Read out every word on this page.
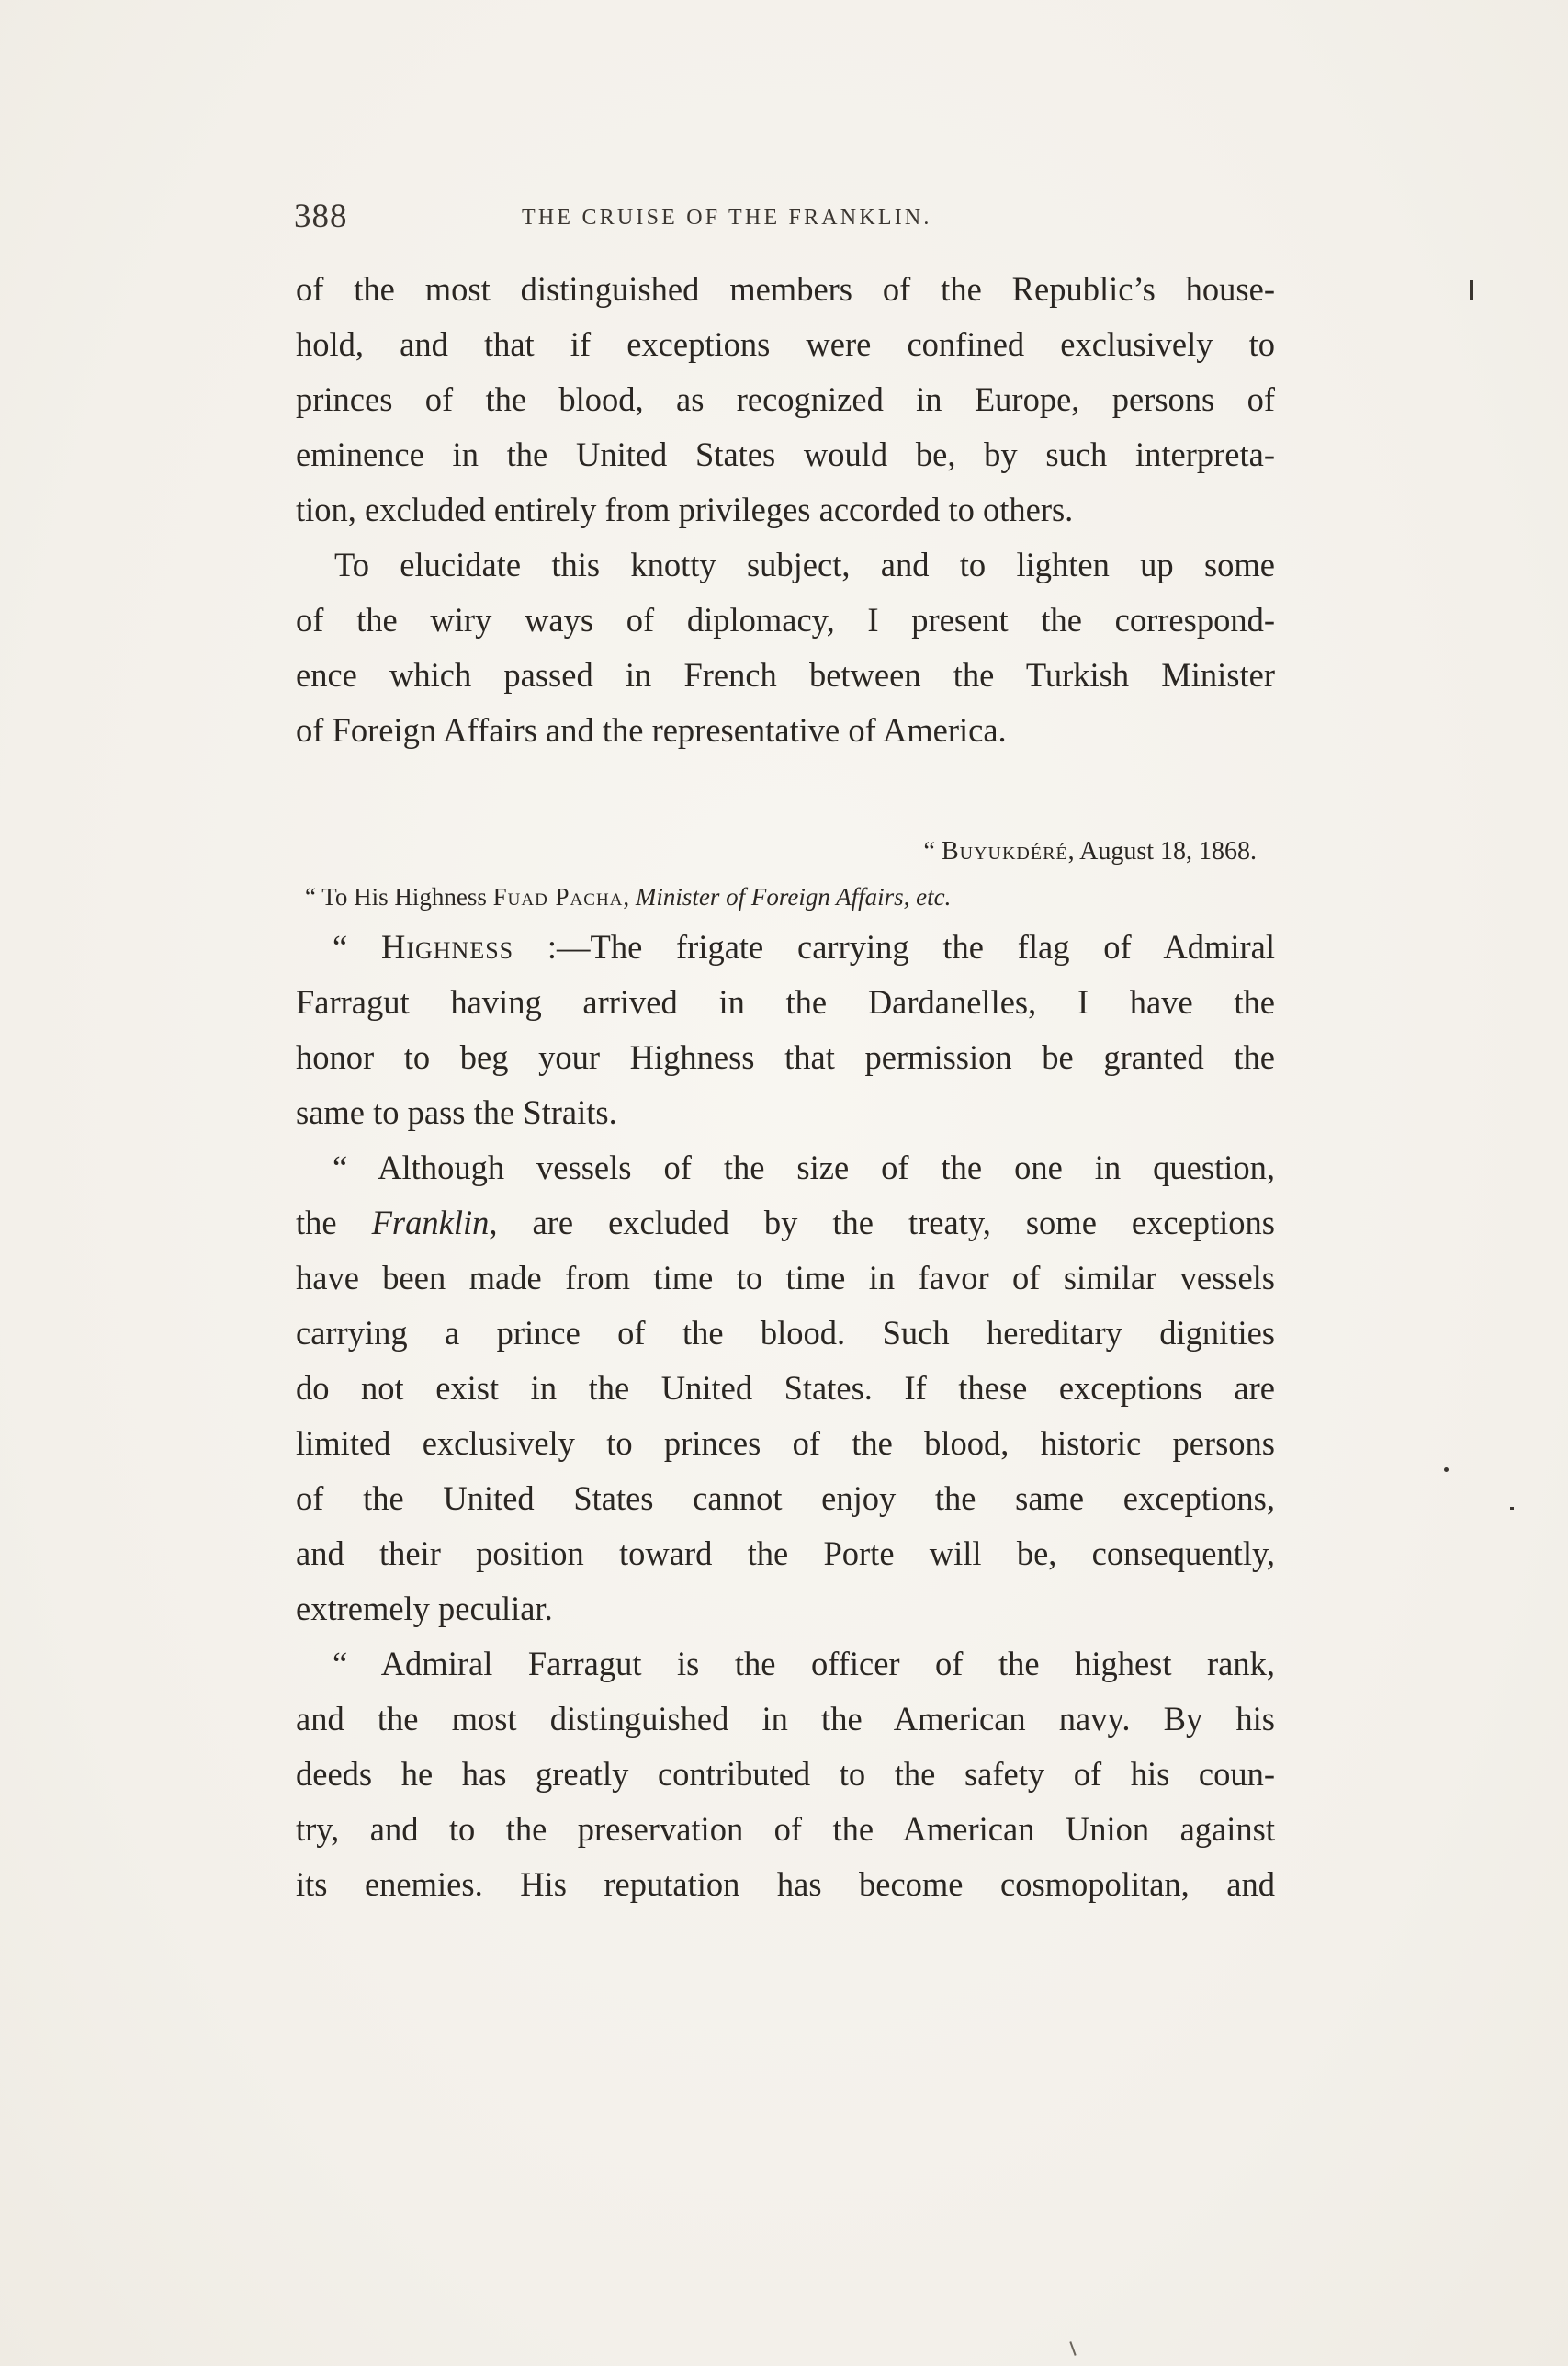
388	THE CRUISE OF THE FRANKLIN.
of the most distinguished members of the Republic’s house-
hold, and that if exceptions were confined exclusively to
princes of the blood, as recognized in Europe, persons of
eminence in the United States would be, by such interpreta-
tion, excluded entirely from privileges accorded to others.
To elucidate this knotty subject, and to lighten up some
of the wiry ways of diplomacy, I present the correspond-
ence which passed in French between the Turkish Minister
of Foreign Affairs and the representative of America.
“ Buyukdéré, August 18, 1868.
“ To His Highness Fuad Pacha, Minister of Foreign Affairs, etc.
“ Highness :—The frigate carrying the flag of Admiral
Farragut having arrived in the Dardanelles, I have the
honor to beg your Highness that permission be granted the
same to pass the Straits.
“ Although vessels of the size of the one in question,
the Franklin, are excluded by the treaty, some exceptions
have been made from time to time in favor of similar vessels
carrying a prince of the blood. Such hereditary dignities
do not exist in the United States. If these exceptions are
limited exclusively to princes of the blood, historic persons
of the United States cannot enjoy the same exceptions,
and their position toward the Porte will be, consequently,
extremely peculiar.
“ Admiral Farragut is the officer of the highest rank,
and the most distinguished in the American navy. By his
deeds he has greatly contributed to the safety of his coun-
try, and to the preservation of the American Union against
its enemies. His reputation has become cosmopolitan, and
